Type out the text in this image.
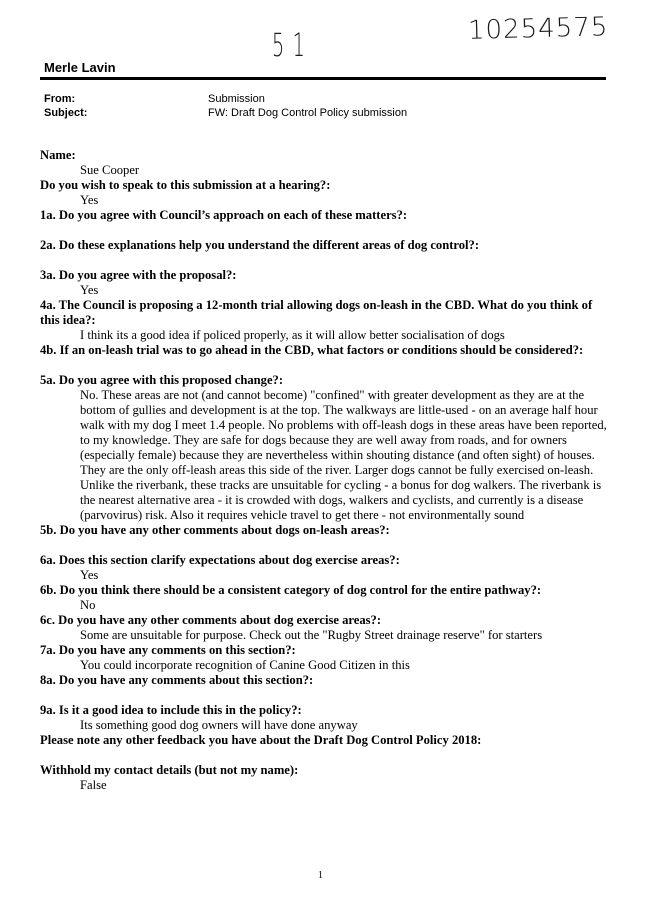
51	10254575
Merle Lavin
From:	Submission
Subject:	FW: Draft Dog Control Policy submission

Name:

Sue Cooper

Do you wish to speak to this submission at a hearing?:

Yes

1a. Do you agree with Council’s approach on each of these matters?:

2a. Do these explanations help you understand the different areas of dog control?:

3a. Do you agree with the proposal?:

Yes

4a. The Council is proposing a 12-month trial allowing dogs on-leash in the CBD. What do you think of this idea?:

I think its a good idea if policed properly, as it will allow better socialisation of dogs

4b. If an on-leash trial was to go ahead in the CBD, what factors or conditions should be considered?:

5a. Do you agree with this proposed change?:

No. These areas are not (and cannot become) "confined" with greater development as they are at the bottom of gullies and development is at the top. The walkways are little-used - on an average half hour walk with my dog I meet 1.4 people. No problems with off-leash dogs in these areas have been reported, to my knowledge. They are safe for dogs because they are well away from roads, and for owners (especially female) because they are nevertheless within shouting distance (and often sight) of houses. They are the only off-leash areas this side of the river. Larger dogs cannot be fully exercised on-leash. Unlike the riverbank, these tracks are unsuitable for cycling - a bonus for dog walkers. The riverbank is the nearest alternative area - it is crowded with dogs, walkers and cyclists, and currently is a disease (parvovirus) risk. Also it requires vehicle travel to get there - not environmentally sound

5b. Do you have any other comments about dogs on-leash areas?:

6a. Does this section clarify expectations about dog exercise areas?:

Yes

6b. Do you think there should be a consistent category of dog control for the entire pathway?:

No

6c. Do you have any other comments about dog exercise areas?:

Some are unsuitable for purpose. Check out the "Rugby Street drainage reserve" for starters

7a. Do you have any comments on this section?:

You could incorporate recognition of Canine Good Citizen in this

8a. Do you have any comments about this section?:

9a. Is it a good idea to include this in the policy?:

Its something good dog owners will have done anyway

Please note any other feedback you have about the Draft Dog Control Policy 2018:

Withhold my contact details (but not my name):

False

1
